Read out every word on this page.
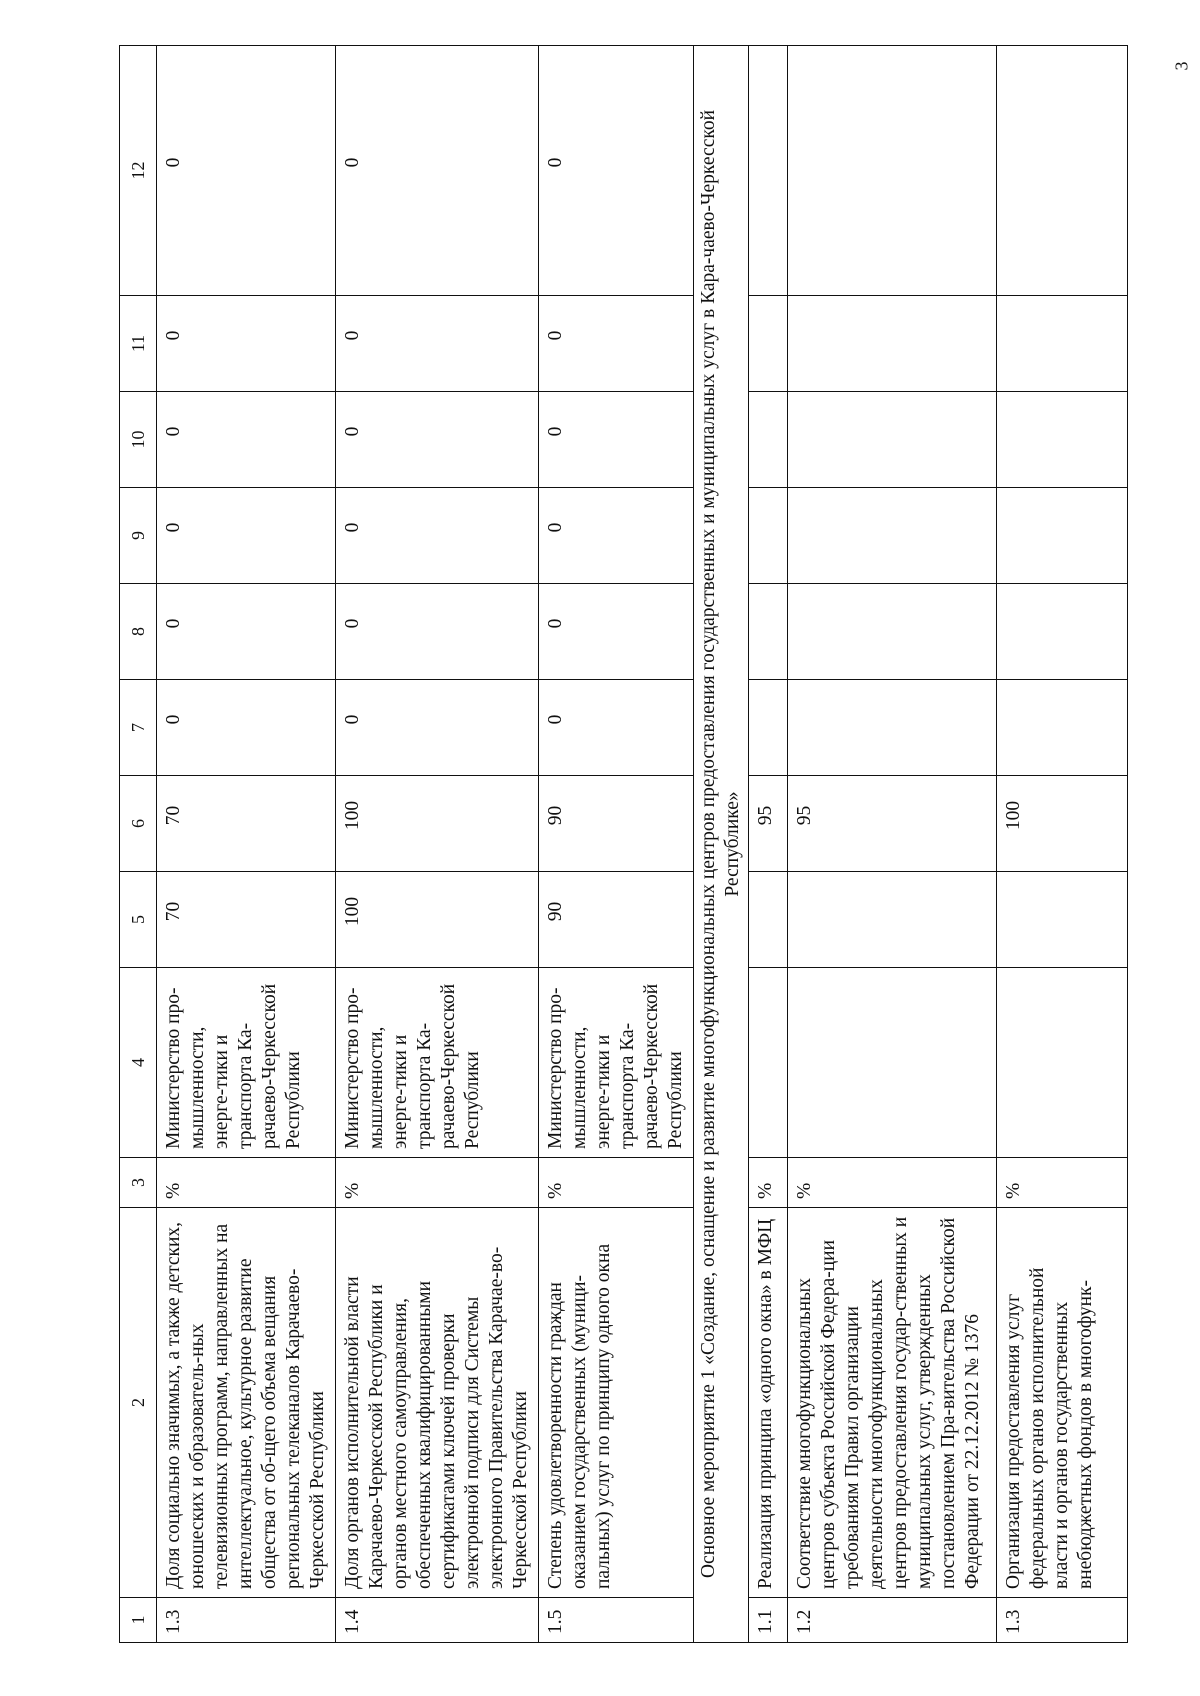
3
1	2	3	4	5	6	7	8	9	10	11	12
1.3	Доля социально значимых, а также детских, юношеских и образователь-ных телевизионных программ, направленных на интеллектуальное, культурное развитие общества от об-щего объема вещания региональных телеканалов Карачаево-Черкесской Республики	%	Министерство про-мышленности, энерге-тики и транспорта Ка-рачаево-Черкесской Республики	70	70	0	0	0	0	0	0
1.4	Доля органов исполнительной власти Карачаево-Черкесской Республики и органов местного самоуправления, обеспеченных квалифицированными сертификатами ключей проверки электронной подписи для Системы электронного Правительства Карачае-во-Черкесской Республики	%	Министерство про-мышленности, энерге-тики и транспорта Ка-рачаево-Черкесской Республики	100	100	0	0	0	0	0	0
1.5	Степень удовлетворенности граждан оказанием государственных (муници-пальных) услуг по принципу одного окна	%	Министерство про-мышленности, энерге-тики и транспорта Ка-рачаево-Черкесской Республики	90	90	0	0	0	0	0	0
Основное мероприятие 1 «Создание, оснащение и развитие многофункциональных центров предоставления государственных и муниципальных услуг в Кара-чаево-Черкесской Республике»											
1.1	Реализация принципа «одного окна» в МФЦ	%			95						
1.2	Соответствие многофункциональных центров субъекта Российской Федера-ции требованиям Правил организации деятельности многофункциональных центров предоставления государ-ственных и муниципальных услуг, утвержденных постановлением Пра-вительства Российской Федерации от 22.12.2012 № 1376	%			95						
1.3	Организация предоставления услуг федеральных органов исполнительной власти и органов государственных внебюджетных фондов в многофунк-	%			100						
